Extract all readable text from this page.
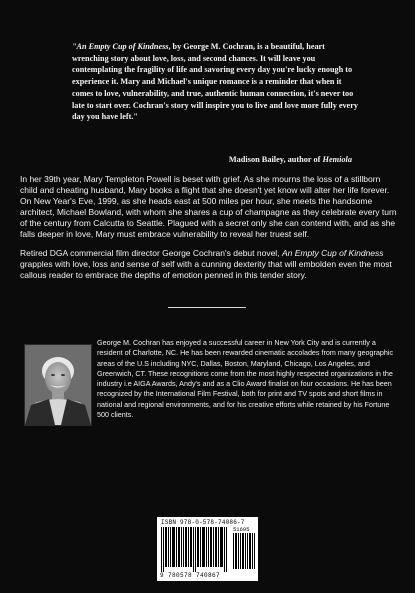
"An Empty Cup of Kindness, by George M. Cochran, is a beautiful, heart wrenching story about love, loss, and second chances. It will leave you contemplating the fragility of life and savoring every day you're lucky enough to experience it. Mary and Michael's unique romance is a reminder that when it comes to love, vulnerability, and true, authentic human connection, it's never too late to start over. Cochran's story will inspire you to live and love more fully every day you have left."
Madison Bailey, author of Hemiola

In her 39th year, Mary Templeton Powell is beset with grief. As she mourns the loss of a stillborn child and cheating husband, Mary books a flight that she doesn't yet know will alter her life forever. On New Year's Eve, 1999, as she heads east at 500 miles per hour, she meets the handsome architect, Michael Bowland, with whom she shares a cup of champagne as they celebrate every turn of the century from Calcutta to Seattle. Plagued with a secret only she can contend with, and as she falls deeper in love, Mary must embrace vulnerability to reveal her truest self.

Retired DGA commercial film director George Cochran's debut novel, An Empty Cup of Kindness grapples with love, loss and sense of self with a cunning dexterity that will embolden even the most callous reader to embrace the depths of emotion penned in this tender story.

George M. Cochran has enjoyed a successful career in New York City and is currently a resident of Charlotte, NC. He has been rewarded cinematic accolades from many geographic areas of the U.S including NYC, Dallas, Boston, Maryland, Chicago, Los Angeles, and Greenwich, CT. These recognitions come from the most highly respected organizations in the industry i.e AIGA Awards, Andy's and as a Clio Award finalist on four occasions. He has been recognized by the International Film Festival, both for print and TV spots and short films in national and regional environments, and for his creative efforts while retained by his Fortune 500 clients.
ISBN 978-0-578-74086-7
51695
9 780578 740867
